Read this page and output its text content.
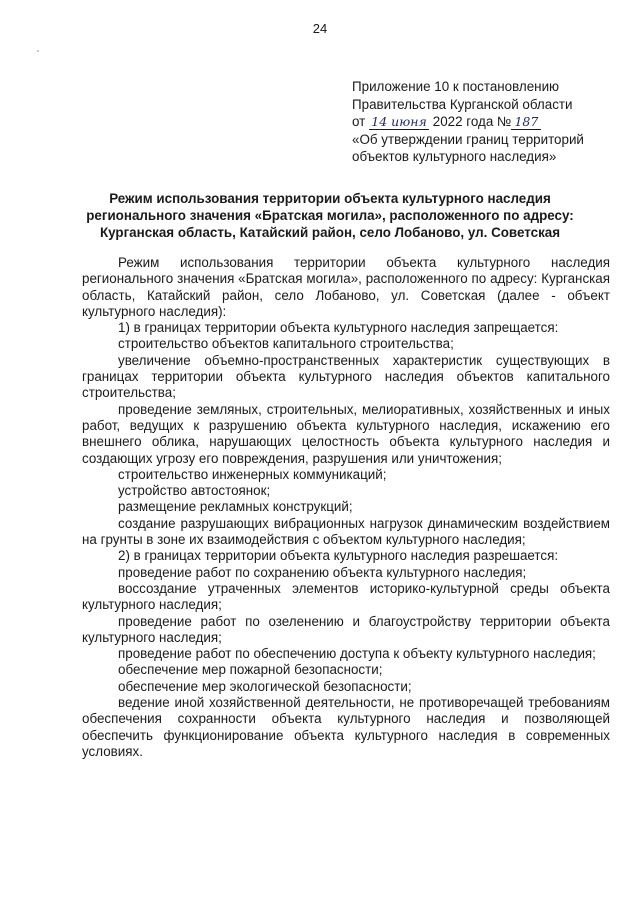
24
Приложение 10 к постановлению
Правительства Курганской области
от 14 июня 2022 года № 187
«Об утверждении границ территорий
объектов культурного наследия»
Режим использования территории объекта культурного наследия
регионального значения «Братская могила», расположенного по адресу:
Курганская область, Катайский район, село Лобаново, ул. Советская

Режим использования территории объекта культурного наследия регионального значения «Братская могила», расположенного по адресу: Курганская область, Катайский район, село Лобаново, ул. Советская (далее - объект культурного наследия):

1) в границах территории объекта культурного наследия запрещается:

строительство объектов капитального строительства;

увеличение объемно-пространственных характеристик существующих в границах территории объекта культурного наследия объектов капитального строительства;

проведение земляных, строительных, мелиоративных, хозяйственных и иных работ, ведущих к разрушению объекта культурного наследия, искажению его внешнего облика, нарушающих целостность объекта культурного наследия и создающих угрозу его повреждения, разрушения или уничтожения;

строительство инженерных коммуникаций;

устройство автостоянок;

размещение рекламных конструкций;

создание разрушающих вибрационных нагрузок динамическим воздействием на грунты в зоне их взаимодействия с объектом культурного наследия;

2) в границах территории объекта культурного наследия разрешается:

проведение работ по сохранению объекта культурного наследия;

воссоздание утраченных элементов историко-культурной среды объекта культурного наследия;

проведение работ по озеленению и благоустройству территории объекта культурного наследия;

проведение работ по обеспечению доступа к объекту культурного наследия;

обеспечение мер пожарной безопасности;

обеспечение мер экологической безопасности;

ведение иной хозяйственной деятельности, не противоречащей требованиям обеспечения сохранности объекта культурного наследия и позволяющей обеспечить функционирование объекта культурного наследия в современных условиях.
